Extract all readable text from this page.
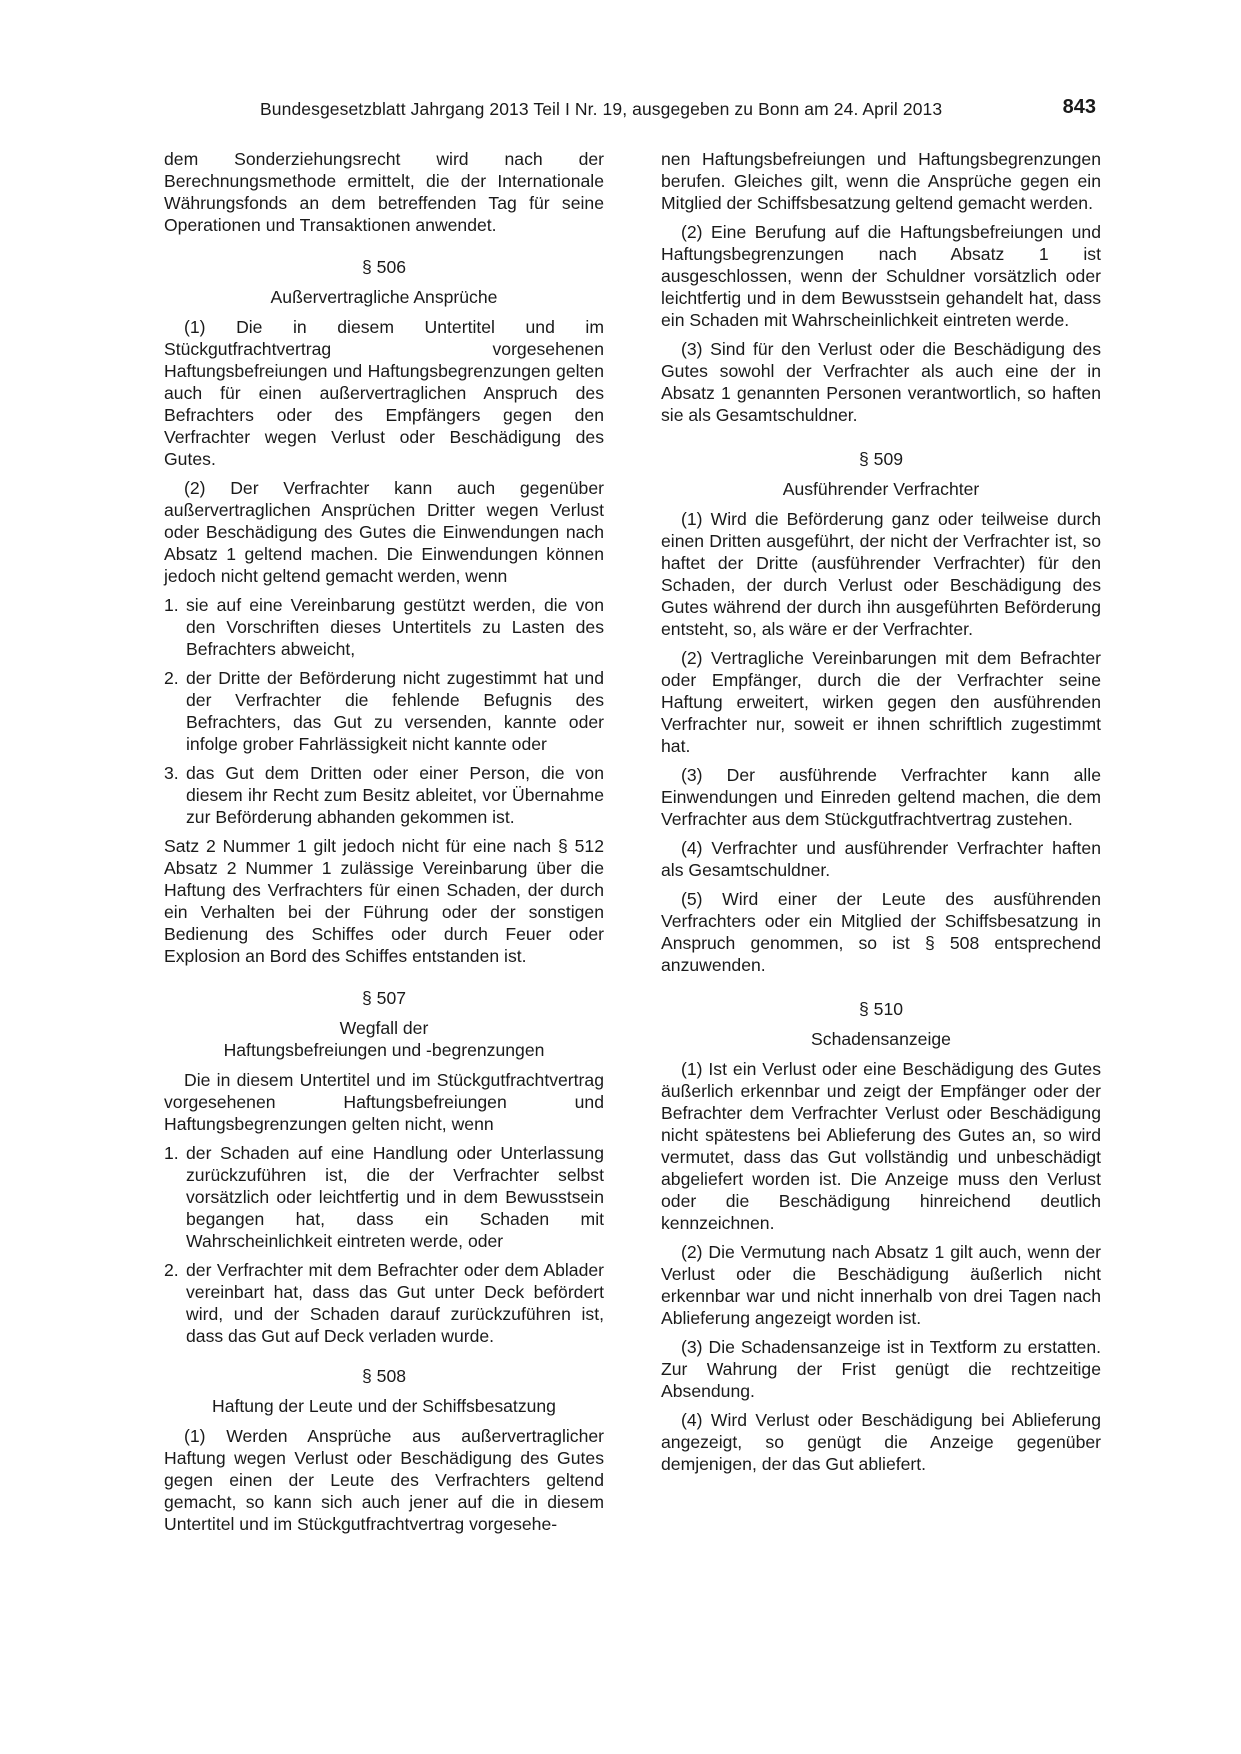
Bundesgesetzblatt Jahrgang 2013 Teil I Nr. 19, ausgegeben zu Bonn am 24. April 2013	843

dem Sonderziehungsrecht wird nach der Berechnungsmethode ermittelt, die der Internationale Währungsfonds an dem betreffenden Tag für seine Operationen und Transaktionen anwendet.

§ 506
Außervertragliche Ansprüche

(1) Die in diesem Untertitel und im Stückgutfrachtvertrag vorgesehenen Haftungsbefreiungen und Haftungsbegrenzungen gelten auch für einen außervertraglichen Anspruch des Befrachters oder des Empfängers gegen den Verfrachter wegen Verlust oder Beschädigung des Gutes.

(2) Der Verfrachter kann auch gegenüber außervertraglichen Ansprüchen Dritter wegen Verlust oder Beschädigung des Gutes die Einwendungen nach Absatz 1 geltend machen. Die Einwendungen können jedoch nicht geltend gemacht werden, wenn

1. sie auf eine Vereinbarung gestützt werden, die von den Vorschriften dieses Untertitels zu Lasten des Befrachters abweicht,
2. der Dritte der Beförderung nicht zugestimmt hat und der Verfrachter die fehlende Befugnis des Befrachters, das Gut zu versenden, kannte oder infolge grober Fahrlässigkeit nicht kannte oder
3. das Gut dem Dritten oder einer Person, die von diesem ihr Recht zum Besitz ableitet, vor Übernahme zur Beförderung abhanden gekommen ist.

Satz 2 Nummer 1 gilt jedoch nicht für eine nach § 512 Absatz 2 Nummer 1 zulässige Vereinbarung über die Haftung des Verfrachters für einen Schaden, der durch ein Verhalten bei der Führung oder der sonstigen Bedienung des Schiffes oder durch Feuer oder Explosion an Bord des Schiffes entstanden ist.

§ 507
Wegfall der
Haftungsbefreiungen und -begrenzungen

Die in diesem Untertitel und im Stückgutfrachtvertrag vorgesehenen Haftungsbefreiungen und Haftungsbegrenzungen gelten nicht, wenn

1. der Schaden auf eine Handlung oder Unterlassung zurückzuführen ist, die der Verfrachter selbst vorsätzlich oder leichtfertig und in dem Bewusstsein begangen hat, dass ein Schaden mit Wahrscheinlichkeit eintreten werde, oder
2. der Verfrachter mit dem Befrachter oder dem Ablader vereinbart hat, dass das Gut unter Deck befördert wird, und der Schaden darauf zurückzuführen ist, dass das Gut auf Deck verladen wurde.
§ 508
Haftung der Leute und der Schiffsbesatzung

(1) Werden Ansprüche aus außervertraglicher Haftung wegen Verlust oder Beschädigung des Gutes gegen einen der Leute des Verfrachters geltend gemacht, so kann sich auch jener auf die in diesem Untertitel und im Stückgutfrachtvertrag vorgesehe-

nen Haftungsbefreiungen und Haftungsbegrenzungen berufen. Gleiches gilt, wenn die Ansprüche gegen ein Mitglied der Schiffsbesatzung geltend gemacht werden.

(2) Eine Berufung auf die Haftungsbefreiungen und Haftungsbegrenzungen nach Absatz 1 ist ausgeschlossen, wenn der Schuldner vorsätzlich oder leichtfertig und in dem Bewusstsein gehandelt hat, dass ein Schaden mit Wahrscheinlichkeit eintreten werde.

(3) Sind für den Verlust oder die Beschädigung des Gutes sowohl der Verfrachter als auch eine der in Absatz 1 genannten Personen verantwortlich, so haften sie als Gesamtschuldner.

§ 509
Ausführender Verfrachter

(1) Wird die Beförderung ganz oder teilweise durch einen Dritten ausgeführt, der nicht der Verfrachter ist, so haftet der Dritte (ausführender Verfrachter) für den Schaden, der durch Verlust oder Beschädigung des Gutes während der durch ihn ausgeführten Beförderung entsteht, so, als wäre er der Verfrachter.

(2) Vertragliche Vereinbarungen mit dem Befrachter oder Empfänger, durch die der Verfrachter seine Haftung erweitert, wirken gegen den ausführenden Verfrachter nur, soweit er ihnen schriftlich zugestimmt hat.

(3) Der ausführende Verfrachter kann alle Einwendungen und Einreden geltend machen, die dem Verfrachter aus dem Stückgutfrachtvertrag zustehen.

(4) Verfrachter und ausführender Verfrachter haften als Gesamtschuldner.

(5) Wird einer der Leute des ausführenden Verfrachters oder ein Mitglied der Schiffsbesatzung in Anspruch genommen, so ist § 508 entsprechend anzuwenden.

§ 510
Schadensanzeige

(1) Ist ein Verlust oder eine Beschädigung des Gutes äußerlich erkennbar und zeigt der Empfänger oder der Befrachter dem Verfrachter Verlust oder Beschädigung nicht spätestens bei Ablieferung des Gutes an, so wird vermutet, dass das Gut vollständig und unbeschädigt abgeliefert worden ist. Die Anzeige muss den Verlust oder die Beschädigung hinreichend deutlich kennzeichnen.

(2) Die Vermutung nach Absatz 1 gilt auch, wenn der Verlust oder die Beschädigung äußerlich nicht erkennbar war und nicht innerhalb von drei Tagen nach Ablieferung angezeigt worden ist.

(3) Die Schadensanzeige ist in Textform zu erstatten. Zur Wahrung der Frist genügt die rechtzeitige Absendung.

(4) Wird Verlust oder Beschädigung bei Ablieferung angezeigt, so genügt die Anzeige gegenüber demjenigen, der das Gut abliefert.
